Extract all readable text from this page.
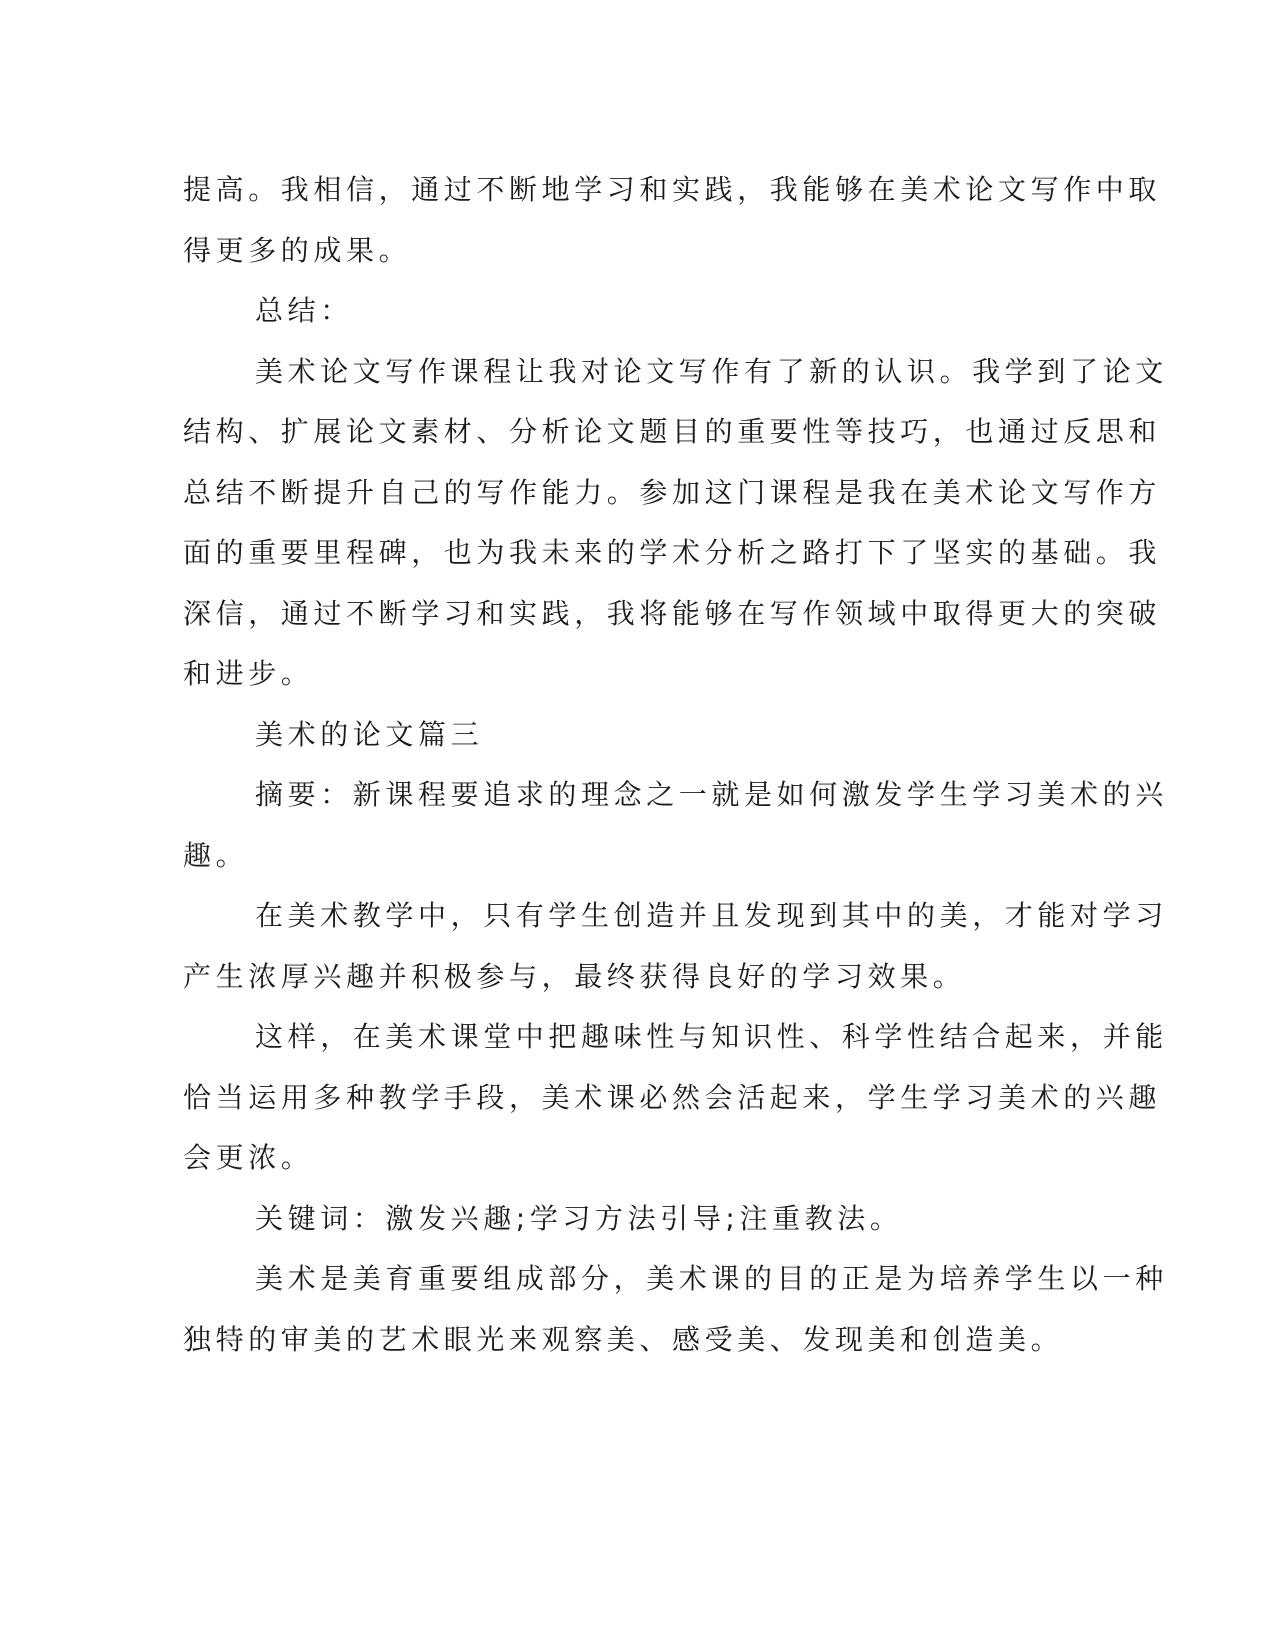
提高。我相信，通过不断地学习和实践，我能够在美术论文写作中取
得更多的成果。
总结：
美术论文写作课程让我对论文写作有了新的认识。我学到了论文
结构、扩展论文素材、分析论文题目的重要性等技巧，也通过反思和
总结不断提升自己的写作能力。参加这门课程是我在美术论文写作方
面的重要里程碑，也为我未来的学术分析之路打下了坚实的基础。我
深信，通过不断学习和实践，我将能够在写作领域中取得更大的突破
和进步。
美术的论文篇三
摘要：新课程要追求的理念之一就是如何激发学生学习美术的兴
趣。
在美术教学中，只有学生创造并且发现到其中的美，才能对学习
产生浓厚兴趣并积极参与，最终获得良好的学习效果。
这样，在美术课堂中把趣味性与知识性、科学性结合起来，并能
恰当运用多种教学手段，美术课必然会活起来，学生学习美术的兴趣
会更浓。
关键词：激发兴趣;学习方法引导;注重教法。
美术是美育重要组成部分，美术课的目的正是为培养学生以一种
独特的审美的艺术眼光来观察美、感受美、发现美和创造美。
